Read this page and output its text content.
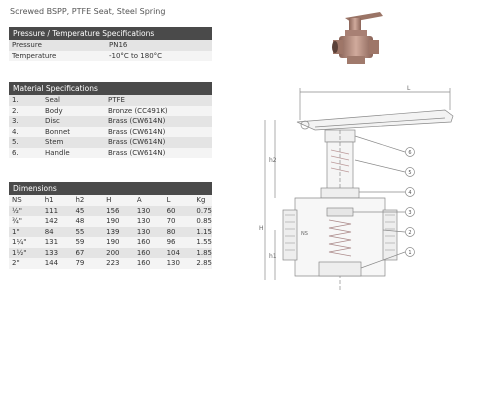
Screwed BSPP, PTFE Seat, Steel Spring
Pressure / Temperature Specifications	
Pressure	PN16
Temperature	-10°C to 180°C
Material Specifications		
1.	Seal	PTFE
2.	Body	Bronze (CC491K)
3.	Disc	Brass (CW614N)
4.	Bonnet	Brass (CW614N)
5.	Stem	Brass (CW614N)
6.	Handle	Brass (CW614N)
Dimensions						
NS	h1	h2	H	A	L	Kg
½"	111	45	156	130	60	0.75
¾"	142	48	190	130	70	0.85
1"	84	55	139	130	80	1.15
1¼"	131	59	190	160	96	1.55
1½"	133	67	200	160	104	1.85
2"	144	79	223	160	130	2.85
L
H
h2
h1
NS
6
5
4
3
2
1
